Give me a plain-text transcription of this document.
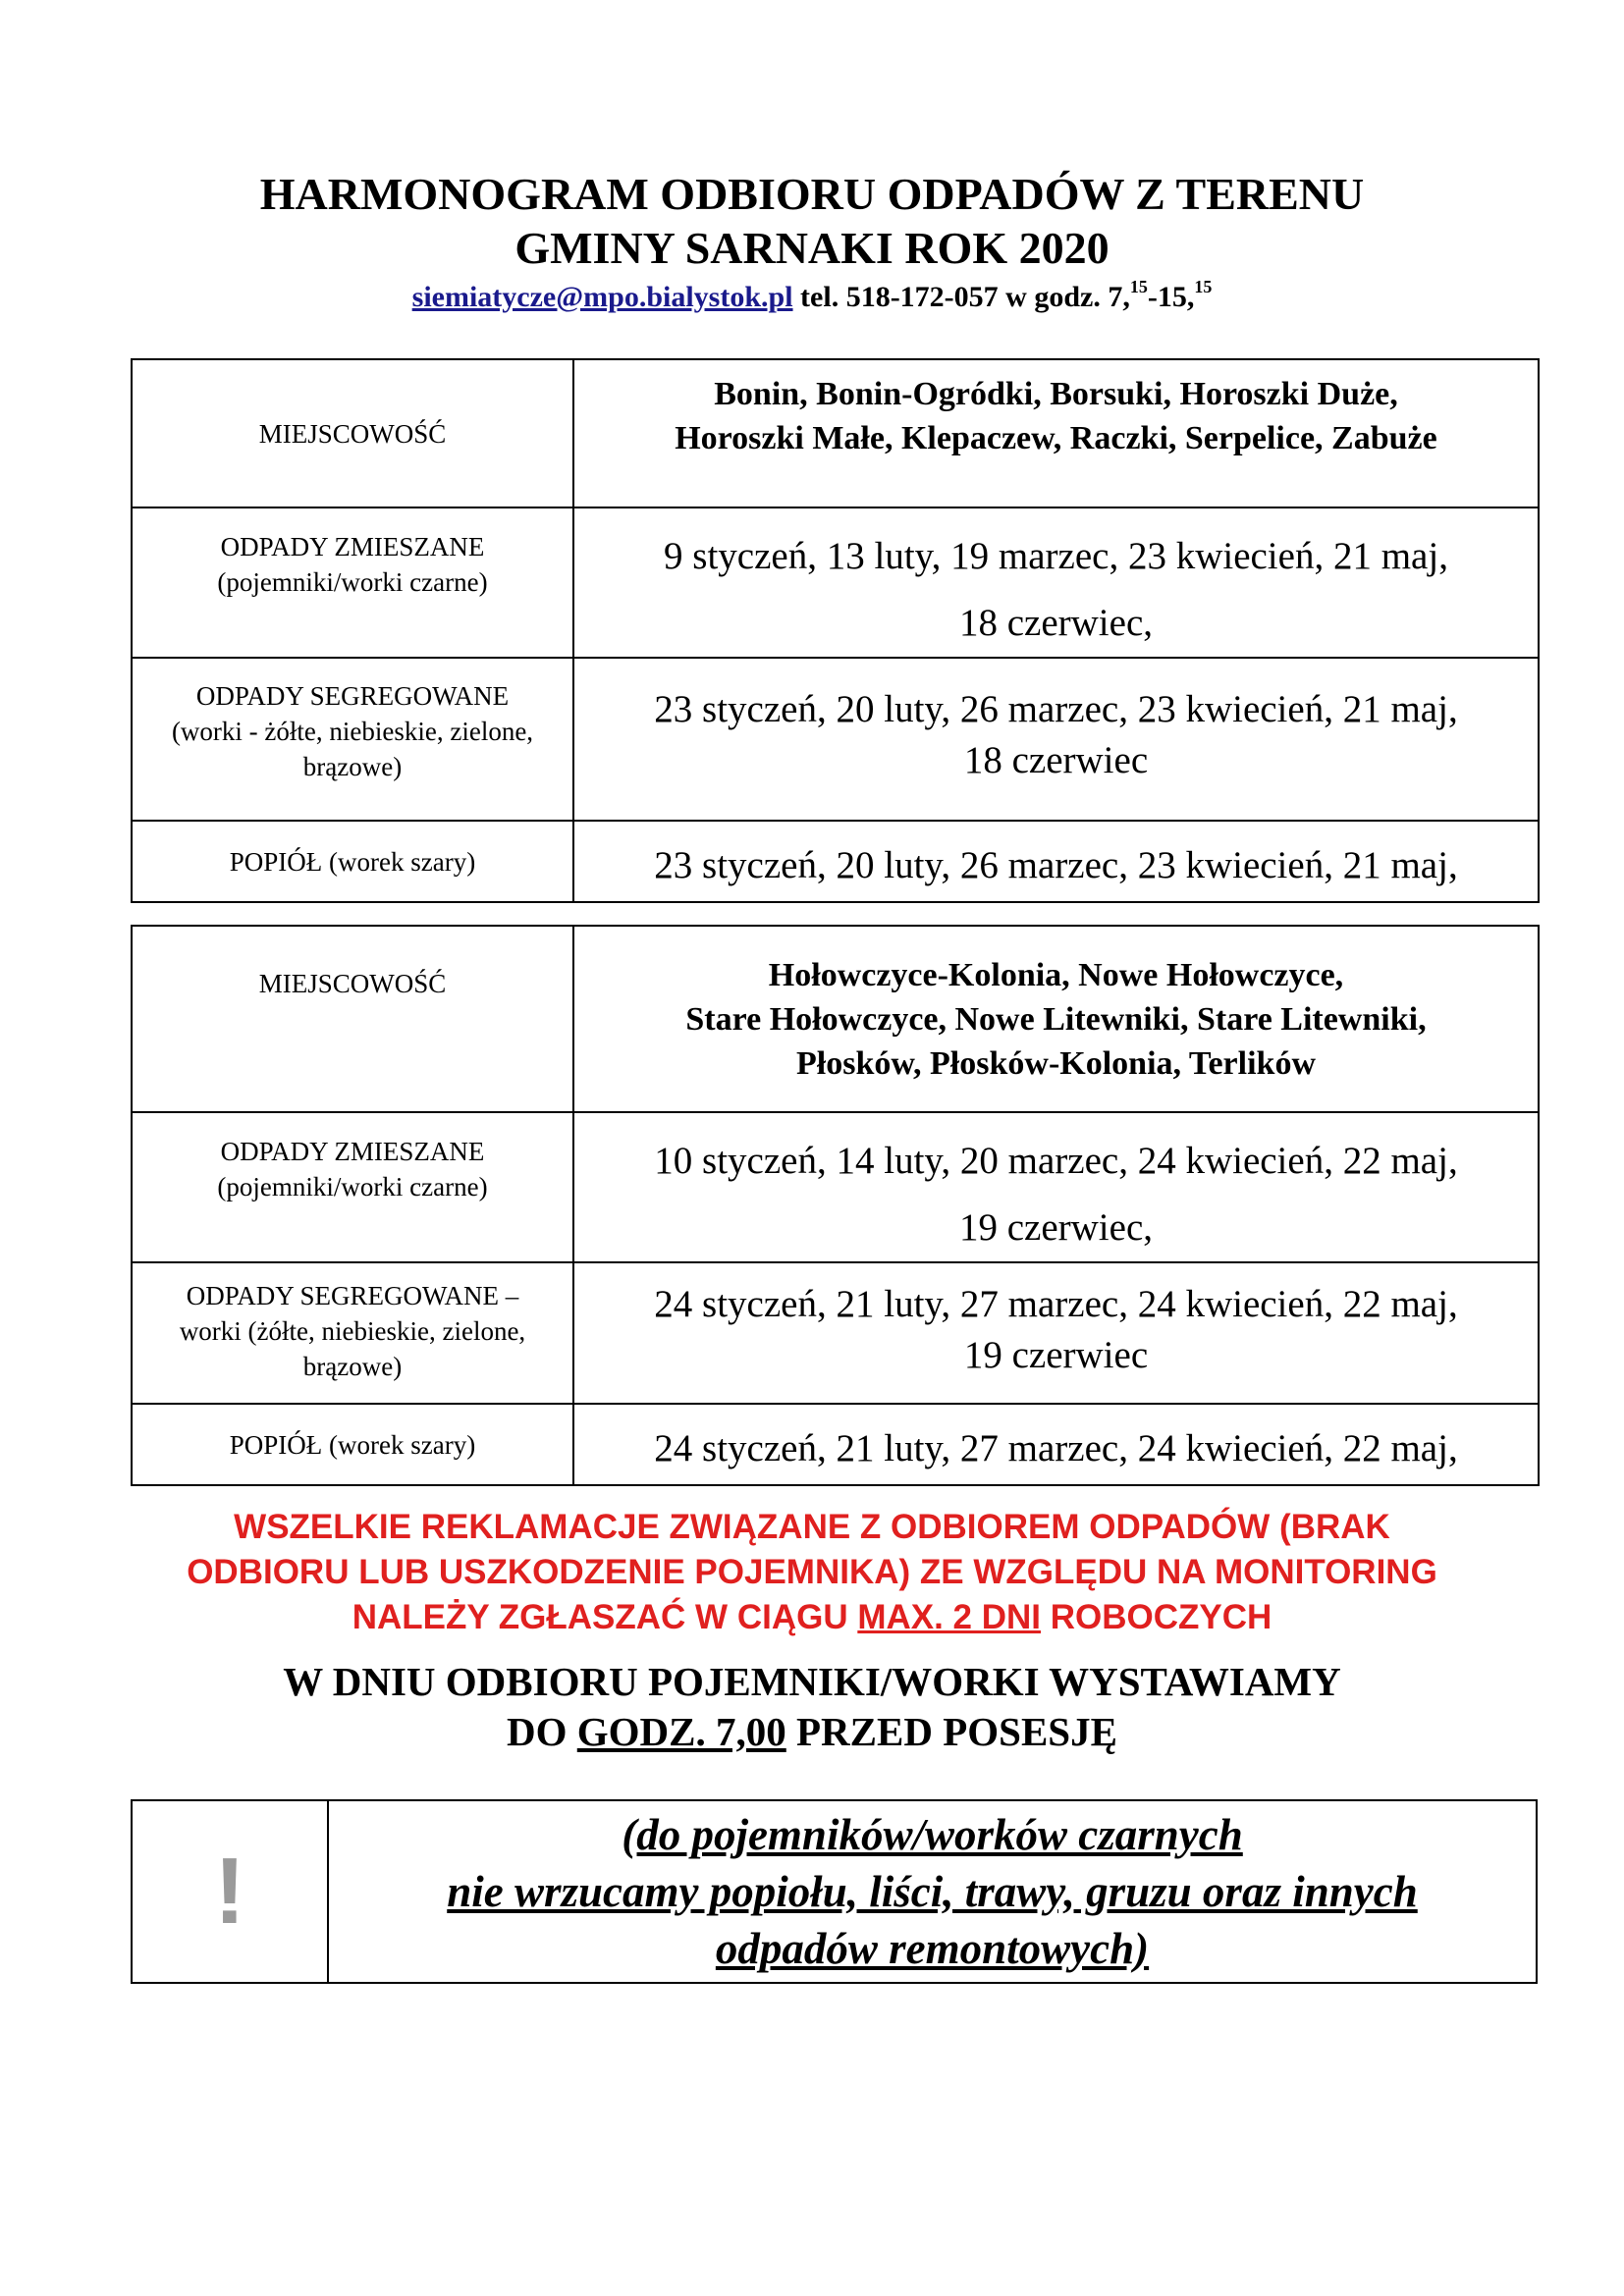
HARMONOGRAM ODBIORU ODPADÓW Z TERENU
GMINY SARNAKI ROK 2020
siemiatycze@mpo.bialystok.pl tel. 518-172-057 w godz. 7,15-15,15
MIEJSCOWOŚĆ	Bonin, Bonin-Ogródki, Borsuki, Horoszki Duże,
Horoszki Małe, Klepaczew, Raczki, Serpelice, Zabuże

ODPADY ZMIESZANE
(pojemniki/worki czarne)	9 styczeń, 13 luty, 19 marzec, 23 kwiecień, 21 maj,
18 czerwiec,

ODPADY SEGREGOWANE
(worki - żółte, niebieskie, zielone,
brązowe)	23 styczeń, 20 luty, 26 marzec, 23 kwiecień, 21 maj,
18 czerwiec

POPIÓŁ (worek szary)	23 styczeń, 20 luty, 26 marzec, 23 kwiecień, 21 maj,
MIEJSCOWOŚĆ	Hołowczyce-Kolonia, Nowe Hołowczyce,
Stare Hołowczyce, Nowe Litewniki, Stare Litewniki,
Płosków, Płosków-Kolonia, Terlików

ODPADY ZMIESZANE
(pojemniki/worki czarne)	10 styczeń, 14 luty, 20 marzec, 24 kwiecień, 22 maj,
19 czerwiec,

ODPADY SEGREGOWANE –
worki (żółte, niebieskie, zielone,
brązowe)	24 styczeń, 21 luty, 27 marzec, 24 kwiecień, 22 maj,
19 czerwiec

POPIÓŁ (worek szary)	24 styczeń, 21 luty, 27 marzec, 24 kwiecień, 22 maj,
WSZELKIE REKLAMACJE ZWIĄZANE Z ODBIOREM ODPADÓW (BRAK
ODBIORU LUB USZKODZENIE POJEMNIKA) ZE WZGLĘDU NA MONITORING
NALEŻY ZGŁASZAĆ W CIĄGU MAX. 2 DNI ROBOCZYCH
W DNIU ODBIORU POJEMNIKI/WORKI WYSTAWIAMY
DO GODZ. 7,00 PRZED POSESJĘ
!	
(do pojemników/worków czarnych
nie wrzucamy popiołu, liści, trawy, gruzu oraz innych
odpadów remontowych)
